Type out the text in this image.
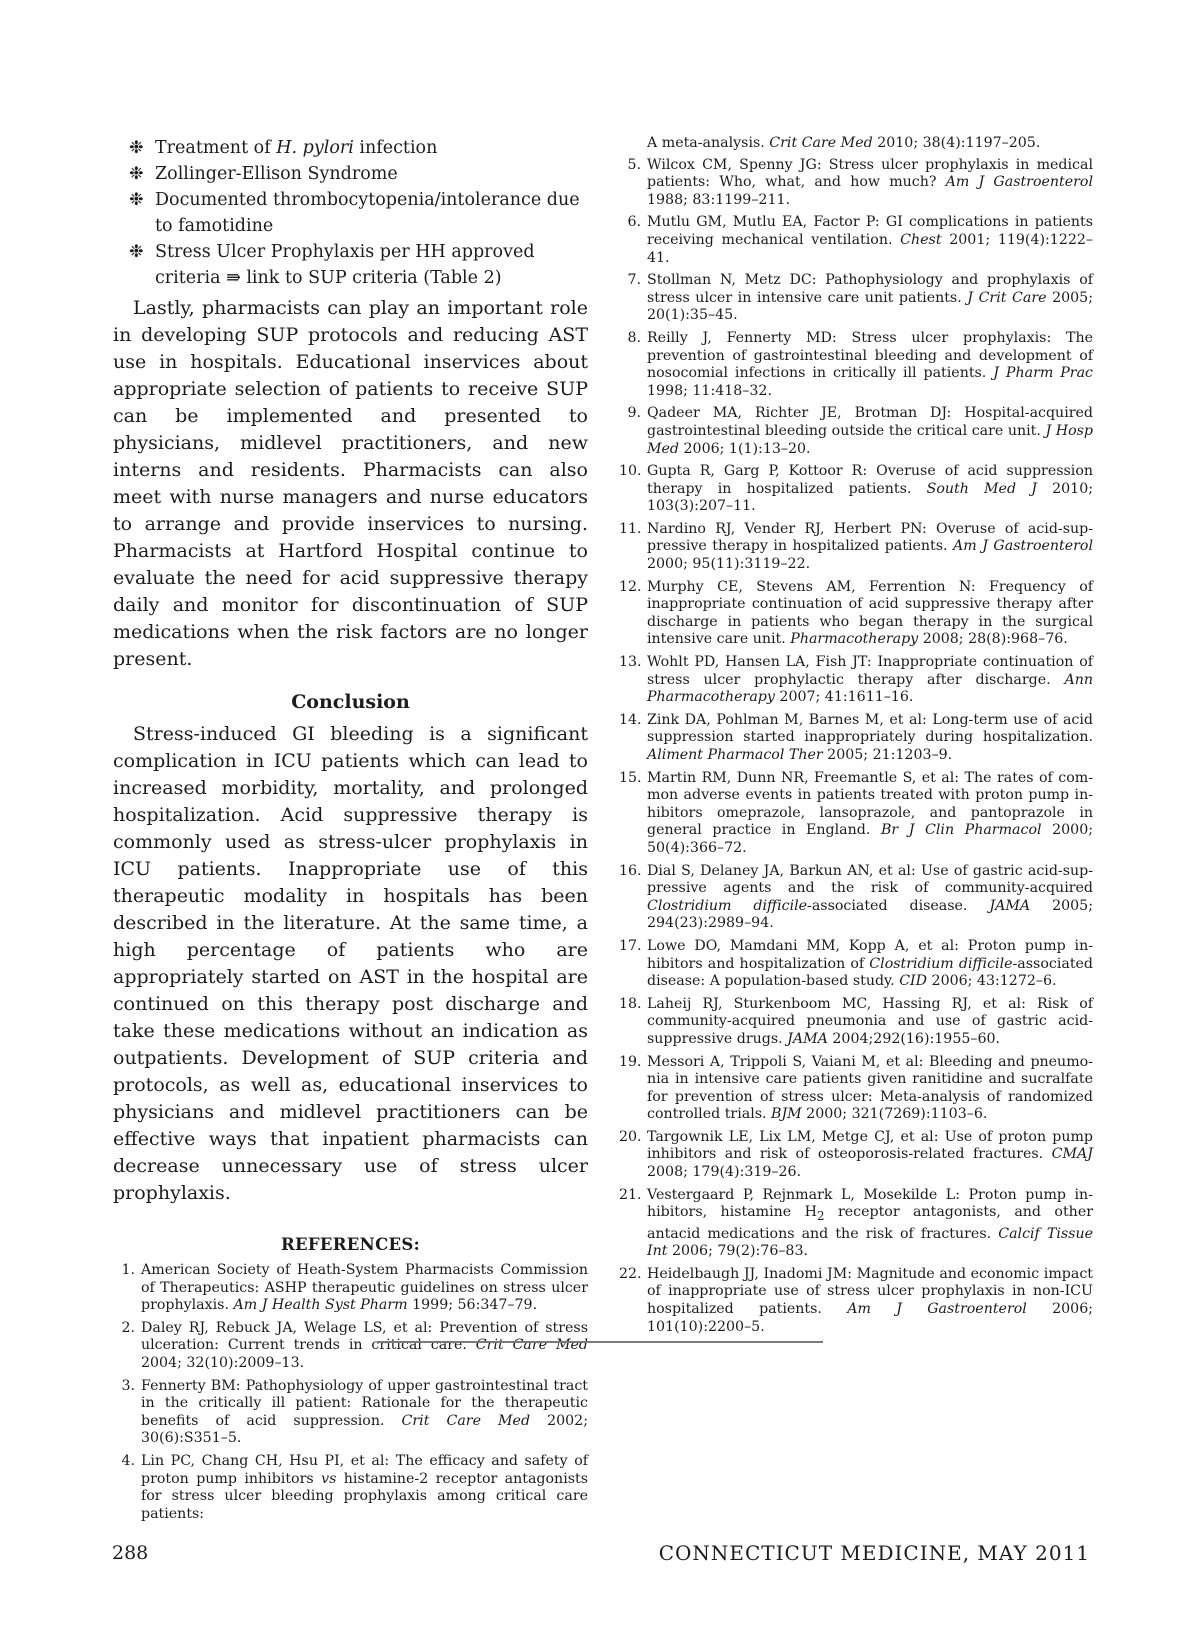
❉ Treatment of H. pylori infection
❉ Zollinger-Ellison Syndrome
❉ Documented thrombocytopenia/intolerance due to famotidine
❉ Stress Ulcer Prophylaxis per HH approved criteria ⇛ link to SUP criteria (Table 2)

Lastly, pharmacists can play an important role in developing SUP protocols and reducing AST use in hospitals. Educational inservices about appropriate selection of patients to receive SUP can be implemented and presented to physicians, midlevel practitioners, and new interns and residents. Pharmacists can also meet with nurse managers and nurse educators to arrange and provide inservices to nursing. Pharmacists at Hartford Hospital continue to evaluate the need for acid suppressive therapy daily and monitor for discontinuation of SUP medications when the risk factors are no longer present.

Conclusion

Stress-induced GI bleeding is a significant complication in ICU patients which can lead to increased morbidity, mortality, and prolonged hospitalization. Acid suppressive therapy is commonly used as stress-ulcer prophylaxis in ICU patients. Inappropriate use of this therapeutic modality in hospitals has been described in the literature. At the same time, a high percentage of patients who are appropriately started on AST in the hospital are continued on this therapy post discharge and take these medications without an indication as outpatients. Development of SUP criteria and protocols, as well as, educational inservices to physicians and midlevel practitioners can be effective ways that inpatient pharmacists can decrease unnecessary use of stress ulcer prophylaxis.

REFERENCES:
1. American Society of Heath-System Pharmacists Commission of Therapeutics: ASHP therapeutic guidelines on stress ulcer prophylaxis. Am J Health Syst Pharm 1999; 56:347–79.
2. Daley RJ, Rebuck JA, Welage LS, et al: Prevention of stress ulceration: Current trends in critical care. Crit Care Med 2004; 32(10):2009–13.
3. Fennerty BM: Pathophysiology of upper gastrointestinal tract in the critically ill patient: Rationale for the therapeutic benefits of acid suppression. Crit Care Med 2002; 30(6):S351–5.
4. Lin PC, Chang CH, Hsu PI, et al: The efficacy and safety of proton pump inhibitors vs histamine-2 receptor antagonists for stress ulcer bleeding prophylaxis among critical care patients:
A meta-analysis. Crit Care Med 2010; 38(4):1197–205.
5. Wilcox CM, Spenny JG: Stress ulcer prophylaxis in medical patients: Who, what, and how much? Am J Gastroenterol 1988; 83:1199–211.
6. Mutlu GM, Mutlu EA, Factor P: GI complications in patients receiving mechanical ventilation. Chest 2001; 119(4):1222–41.
7. Stollman N, Metz DC: Pathophysiology and prophylaxis of stress ulcer in intensive care unit patients. J Crit Care 2005; 20(1):35–45.
8. Reilly J, Fennerty MD: Stress ulcer prophylaxis: The prevention of gastrointestinal bleeding and development of nosocomial infections in critically ill patients. J Pharm Prac 1998; 11:418–32.
9. Qadeer MA, Richter JE, Brotman DJ: Hospital-acquired gastrointestinal bleeding outside the critical care unit. J Hosp Med 2006; 1(1):13–20.
10. Gupta R, Garg P, Kottoor R: Overuse of acid suppression therapy in hospitalized patients. South Med J 2010; 103(3):207–11.
11. Nardino RJ, Vender RJ, Herbert PN: Overuse of acid-suppressive therapy in hospitalized patients. Am J Gastroenterol 2000; 95(11):3119–22.
12. Murphy CE, Stevens AM, Ferrention N: Frequency of inappropriate continuation of acid suppressive therapy after discharge in patients who began therapy in the surgical intensive care unit. Pharmacotherapy 2008; 28(8):968–76.
13. Wohlt PD, Hansen LA, Fish JT: Inappropriate continuation of stress ulcer prophylactic therapy after discharge. Ann Pharmacotherapy 2007; 41:1611–16.
14. Zink DA, Pohlman M, Barnes M, et al: Long-term use of acid suppression started inappropriately during hospitalization. Aliment Pharmacol Ther 2005; 21:1203–9.
15. Martin RM, Dunn NR, Freemantle S, et al: The rates of common adverse events in patients treated with proton pump inhibitors omeprazole, lansoprazole, and pantoprazole in general practice in England. Br J Clin Pharmacol 2000; 50(4):366–72.
16. Dial S, Delaney JA, Barkun AN, et al: Use of gastric acid-suppressive agents and the risk of community-acquired Clostridium difficile-associated disease. JAMA 2005; 294(23):2989–94.
17. Lowe DO, Mamdani MM, Kopp A, et al: Proton pump inhibitors and hospitalization of Clostridium difficile-associated disease: A population-based study. CID 2006; 43:1272–6.
18. Laheij RJ, Sturkenboom MC, Hassing RJ, et al: Risk of community-acquired pneumonia and use of gastric acid-suppressive drugs. JAMA 2004;292(16):1955–60.
19. Messori A, Trippoli S, Vaiani M, et al: Bleeding and pneumonia in intensive care patients given ranitidine and sucralfate for prevention of stress ulcer: Meta-analysis of randomized controlled trials. BJM 2000; 321(7269):1103–6.
20. Targownik LE, Lix LM, Metge CJ, et al: Use of proton pump inhibitors and risk of osteoporosis-related fractures. CMAJ 2008; 179(4):319–26.
21. Vestergaard P, Rejnmark L, Mosekilde L: Proton pump inhibitors, histamine $H_2$ receptor antagonists, and other antacid medications and the risk of fractures. Calcif Tissue Int 2006; 79(2):76–83.
22. Heidelbaugh JJ, Inadomi JM: Magnitude and economic impact of inappropriate use of stress ulcer prophylaxis in non-ICU hospitalized patients. Am J Gastroenterol 2006; 101(10):2200–5.
288	CONNECTICUT MEDICINE, MAY 2011
